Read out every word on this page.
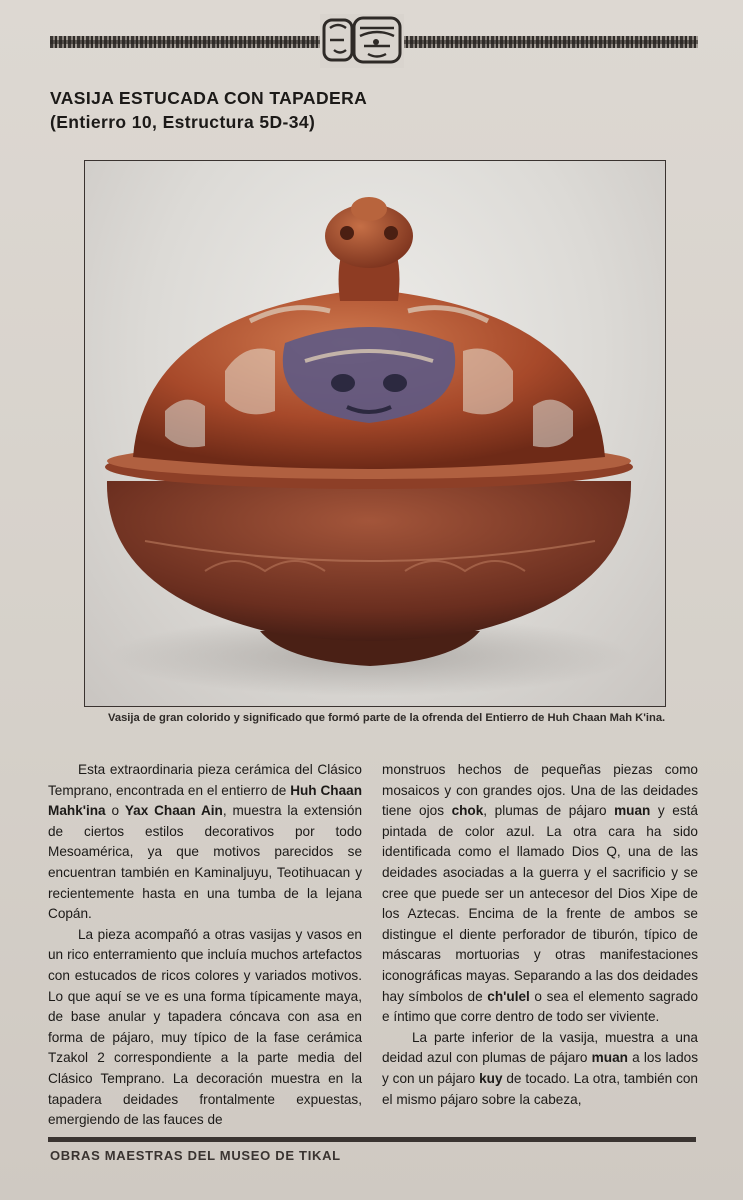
VASIJA ESTUCADA CON TAPADERA
(Entierro 10, Estructura 5D-34)
Vasija de gran colorido y significado que formó parte de la ofrenda del Entierro de Huh Chaan Mah K'ina.

Esta extraordinaria pieza cerámica del Clásico Temprano, encontrada en el entierro de Huh Chaan Mahk'ina o Yax Chaan Ain, muestra la extensión de ciertos estilos decorativos por todo Mesoamérica, ya que motivos parecidos se encuentran también en Kaminaljuyu, Teotihuacan y recientemente hasta en una tumba de la lejana Copán.

La pieza acompañó a otras vasijas y vasos en un rico enterramiento que incluía muchos artefactos con estucados de ricos colores y variados motivos. Lo que aquí se ve es una forma típicamente maya, de base anular y tapadera cóncava con asa en forma de pájaro, muy típico de la fase cerámica Tzakol 2 correspondiente a la parte media del Clásico Temprano. La decoración muestra en la tapadera deidades frontalmente expuestas, emergiendo de las fauces de

monstruos hechos de pequeñas piezas como mosaicos y con grandes ojos. Una de las deidades tiene ojos chok, plumas de pájaro muan y está pintada de color azul. La otra cara ha sido identificada como el llamado Dios Q, una de las deidades asociadas a la guerra y el sacrificio y se cree que puede ser un antecesor del Dios Xipe de los Aztecas. Encima de la frente de ambos se distingue el diente perforador de tiburón, típico de máscaras mortuorias y otras manifestaciones iconográficas mayas. Separando a las dos deidades hay símbolos de ch'ulel o sea el elemento sagrado e íntimo que corre dentro de todo ser viviente.

La parte inferior de la vasija, muestra a una deidad azul con plumas de pájaro muan a los lados y con un pájaro kuy de tocado. La otra, también con el mismo pájaro sobre la cabeza,

OBRAS MAESTRAS DEL MUSEO DE TIKAL
